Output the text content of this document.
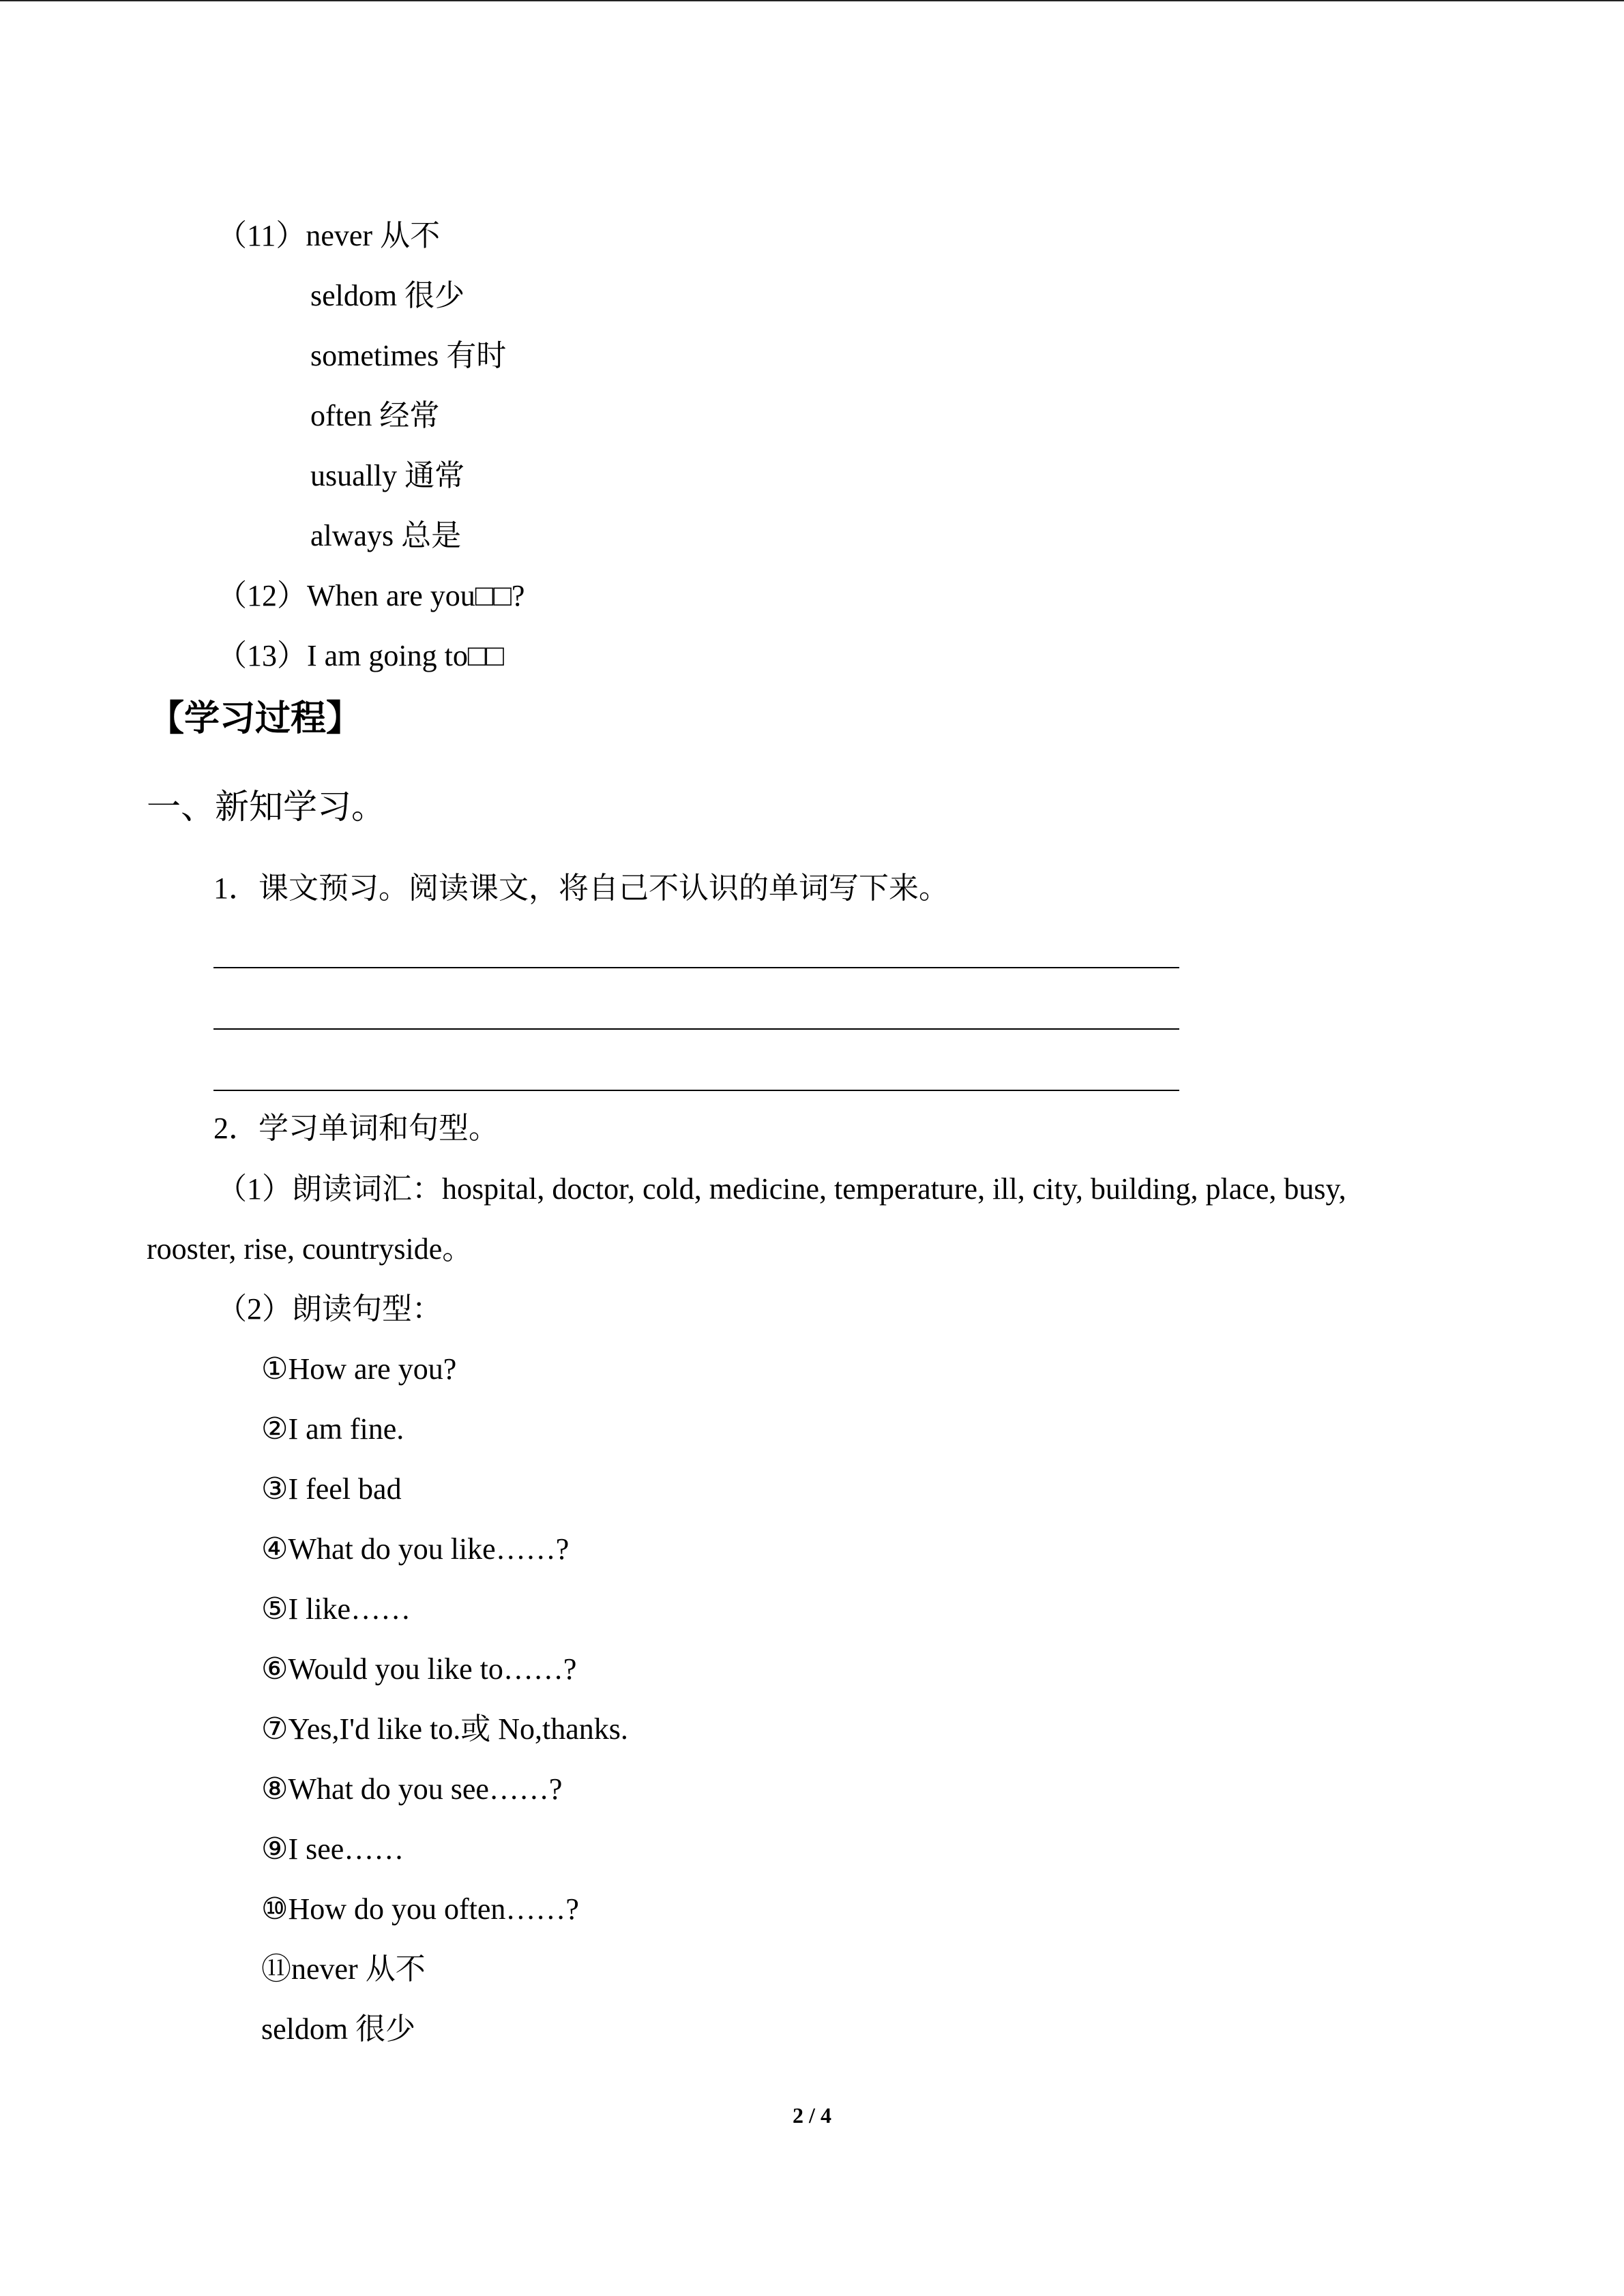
（11）never 从不
seldom 很少
sometimes 有时
often 经常
usually 通常
always 总是
（12）When are you□□?
（13）I am going to□□
【学习过程】
一、新知学习。
1．课文预习。阅读课文，将自己不认识的单词写下来。
2．学习单词和句型。
（1）朗读词汇：hospital, doctor, cold, medicine, temperature, ill, city, building, place, busy,
rooster, rise, countryside。
（2）朗读句型：
①How are you?
②I am fine.
③I feel bad
④What do you like……?
⑤I like……
⑥Would you like to……?
⑦Yes,I'd like to.或 No,thanks.
⑧What do you see……?
⑨I see……
⑩How do you often……?
⑪never 从不
seldom 很少
2 / 4
